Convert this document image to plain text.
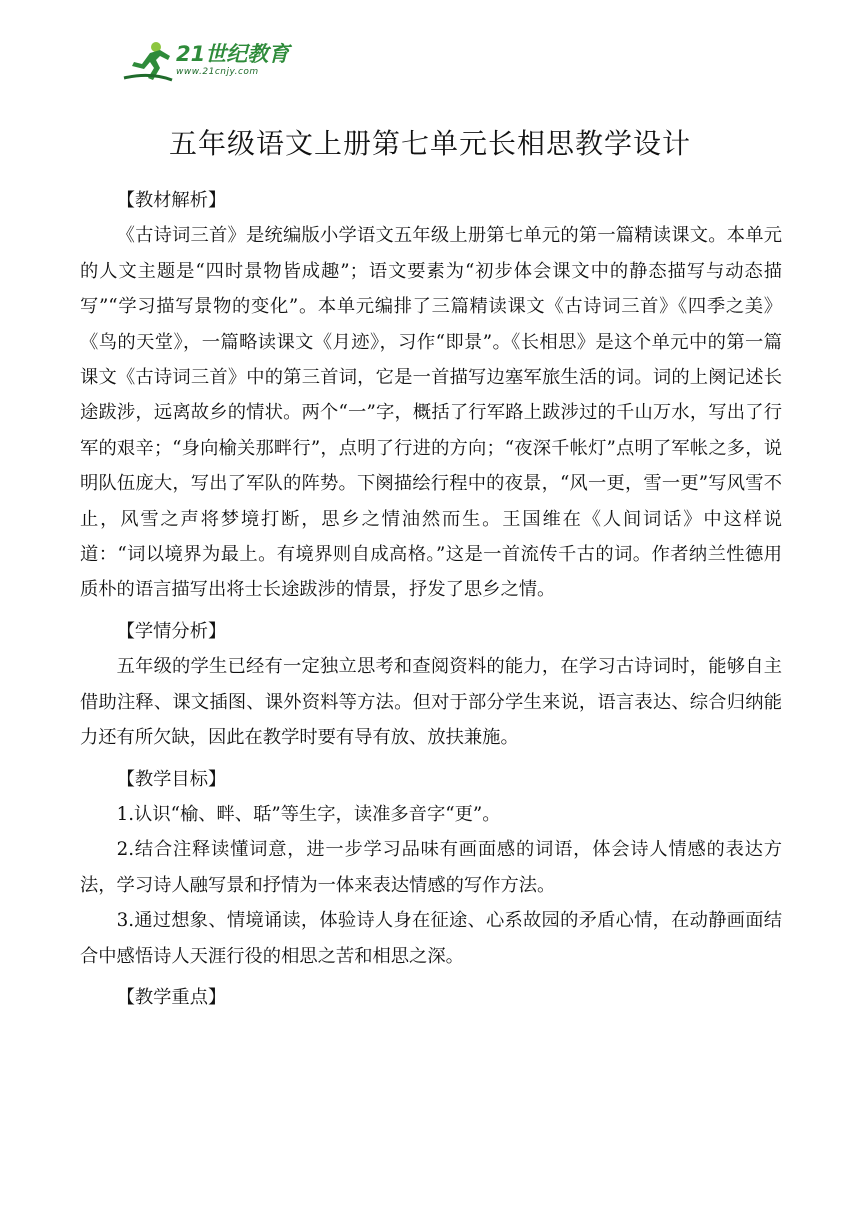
21世纪教育
www.21cnjy.com
五年级语文上册第七单元长相思教学设计

【教材解析】

《古诗词三首》是统编版小学语文五年级上册第七单元的第一篇精读课文。本单元的人文主题是“四时景物皆成趣”；语文要素为“初步体会课文中的静态描写与动态描写”“学习描写景物的变化”。本单元编排了三篇精读课文《古诗词三首》《四季之美》《鸟的天堂》，一篇略读课文《月迹》，习作“即景”。《长相思》是这个单元中的第一篇课文《古诗词三首》中的第三首词，它是一首描写边塞军旅生活的词。词的上阕记述长途跋涉，远离故乡的情状。两个“一”字，概括了行军路上跋涉过的千山万水，写出了行军的艰辛；“身向榆关那畔行”，点明了行进的方向；“夜深千帐灯”点明了军帐之多，说明队伍庞大，写出了军队的阵势。下阕描绘行程中的夜景，“风一更，雪一更”写风雪不止，风雪之声将梦境打断，思乡之情油然而生。王国维在《人间词话》中这样说道：“词以境界为最上。有境界则自成高格。”这是一首流传千古的词。作者纳兰性德用质朴的语言描写出将士长途跋涉的情景，抒发了思乡之情。

【学情分析】

五年级的学生已经有一定独立思考和查阅资料的能力，在学习古诗词时，能够自主借助注释、课文插图、课外资料等方法。但对于部分学生来说，语言表达、综合归纳能力还有所欠缺，因此在教学时要有导有放、放扶兼施。

【教学目标】

1.认识“榆、畔、聒”等生字，读准多音字“更”。

2.结合注释读懂词意，进一步学习品味有画面感的词语，体会诗人情感的表达方法，学习诗人融写景和抒情为一体来表达情感的写作方法。

3.通过想象、情境诵读，体验诗人身在征途、心系故园的矛盾心情，在动静画面结合中感悟诗人天涯行役的相思之苦和相思之深。

【教学重点】
